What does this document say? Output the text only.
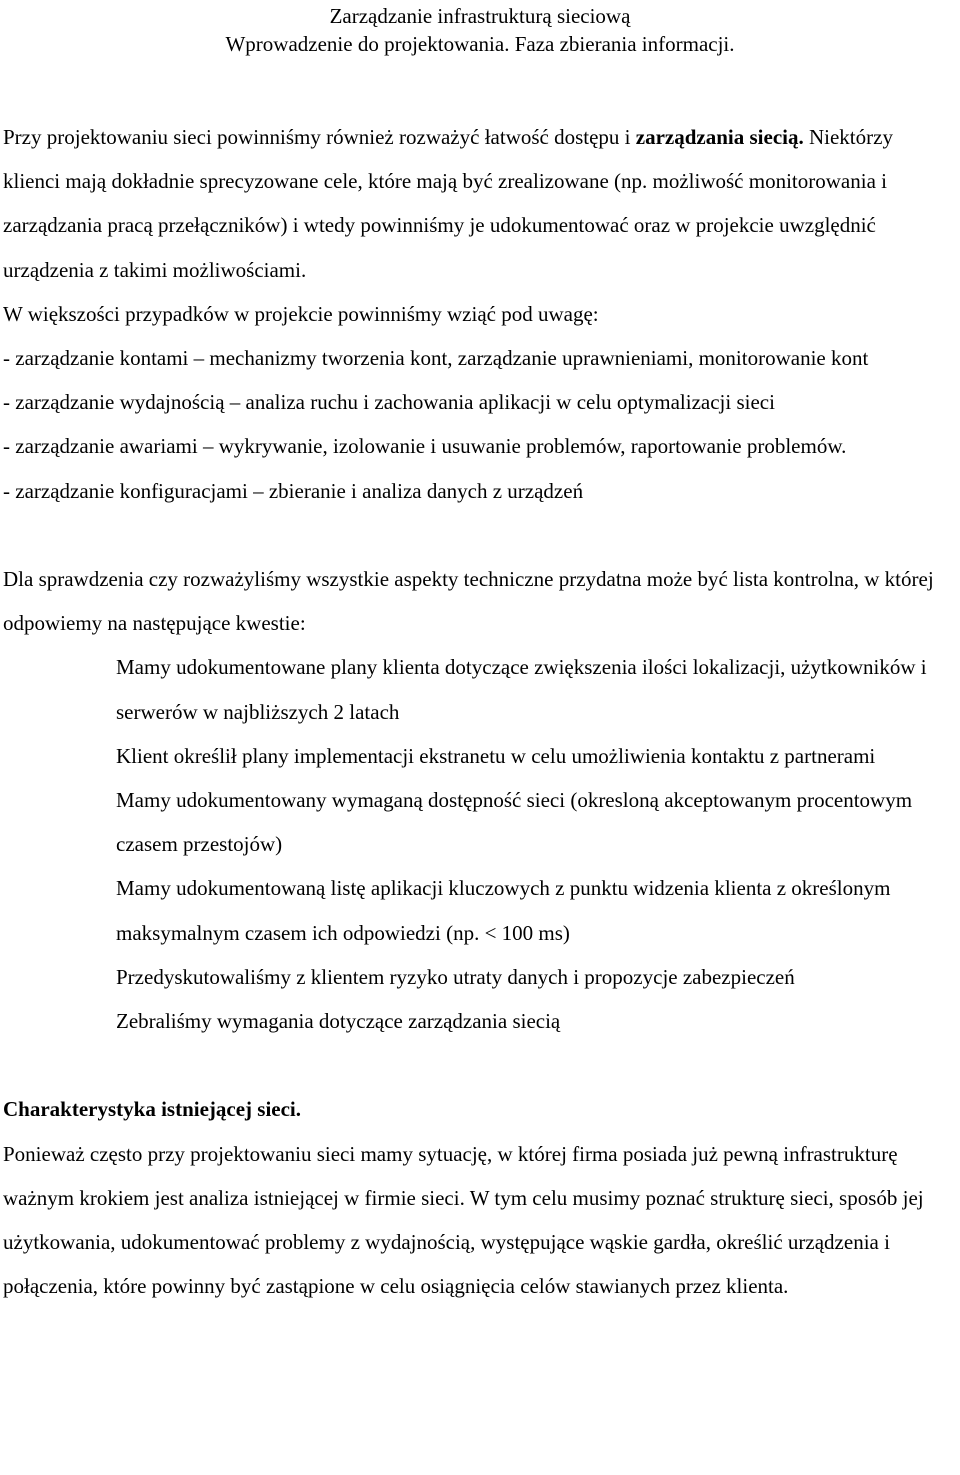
Zarządzanie infrastrukturą sieciową
Wprowadzenie do projektowania. Faza zbierania informacji.

Przy projektowaniu sieci powinniśmy również rozważyć łatwość dostępu i zarządzania siecią. Niektórzy klienci mają dokładnie sprecyzowane cele, które mają być zrealizowane (np. możliwość monitorowania i zarządzania pracą przełączników) i wtedy powinniśmy je udokumentować oraz w projekcie uwzględnić urządzenia z takimi możliwościami.

W większości przypadków w projekcie powinniśmy wziąć pod uwagę:

- zarządzanie kontami – mechanizmy tworzenia kont, zarządzanie uprawnieniami, monitorowanie kont

- zarządzanie wydajnością – analiza ruchu i zachowania aplikacji w celu optymalizacji sieci

- zarządzanie awariami – wykrywanie, izolowanie i usuwanie problemów, raportowanie problemów.

- zarządzanie konfiguracjami – zbieranie i analiza danych z urządzeń

Dla sprawdzenia czy rozważyliśmy wszystkie aspekty techniczne przydatna może być lista kontrolna, w której odpowiemy na następujące kwestie:

Mamy udokumentowane plany klienta dotyczące zwiększenia ilości lokalizacji, użytkowników i serwerów w najbliższych 2 latach

Klient określił plany implementacji ekstranetu w celu umożliwienia kontaktu z partnerami

Mamy udokumentowany wymaganą dostępność sieci (okresloną akceptowanym procentowym czasem przestojów)

Mamy udokumentowaną listę aplikacji kluczowych z punktu widzenia klienta z określonym maksymalnym czasem ich odpowiedzi (np. < 100 ms)

Przedyskutowaliśmy z klientem ryzyko utraty danych i propozycje zabezpieczeń

Zebraliśmy wymagania dotyczące zarządzania siecią

Charakterystyka istniejącej sieci.

Ponieważ często przy projektowaniu sieci mamy sytuację, w której firma posiada już pewną infrastrukturę ważnym krokiem jest analiza istniejącej w firmie sieci. W tym celu musimy poznać strukturę sieci, sposób jej użytkowania, udokumentować problemy z wydajnością, występujące wąskie gardła, określić urządzenia i połączenia, które powinny być zastąpione w celu osiągnięcia celów stawianych przez klienta.
